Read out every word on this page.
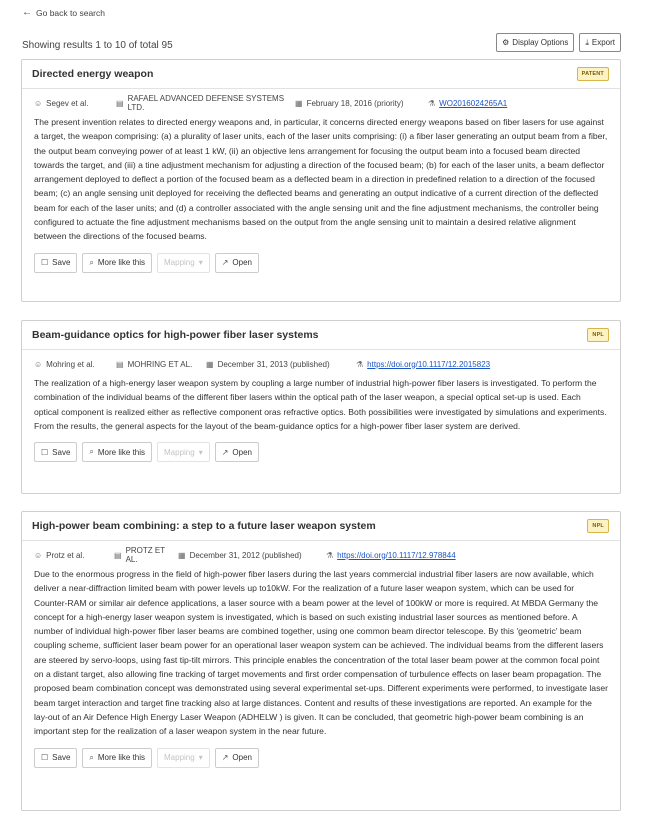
← Go back to search
Showing results 1 to 10 of total 95	⚙ Display Options ⤓ Export
Directed energy weapon	PATENT
☺ Segev et al.	▤ RAFAEL ADVANCED DEFENSE SYSTEMS LTD.	▦ February 18, 2016 (priority)	⚗ WO2016024265A1
The present invention relates to directed energy weapons and, in particular, it concerns directed energy weapons based on fiber lasers for use against a target, the weapon comprising: (a) a plurality of laser units, each of the laser units comprising: (i) a fiber laser generating an output beam from a fiber, the output beam conveying power of at least 1 kW, (ii) an objective lens arrangement for focusing the output beam into a focused beam directed towards the target, and (iii) a tine adjustment mechanism for adjusting a direction of the focused beam; (b) for each of the laser units, a beam deflector arrangement deployed to deflect a portion of the focused beam as a deflected beam in a direction in predefined relation to a direction of the focused beam; (c) an angle sensing unit deployed for receiving the deflected beams and generating an output indicative of a current direction of the deflected beam for each of the laser units; and (d) a controller associated with the angle sensing unit and the fine adjustment mechanisms, the controller being configured to actuate the fine adjustment mechanisms based on the output from the angle sensing unit to maintain a desired relative alignment between the directions of the focused beams.
☐ Save ⌕ More like this Mapping ▾ ↗ Open
Beam-guidance optics for high-power fiber laser systems	NPL
☺ Mohring et al.	▤ MOHRING ET AL. ▦ December 31, 2013 (published)	⚗ https://doi.org/10.1117/12.2015823
The realization of a high-energy laser weapon system by coupling a large number of industrial high-power fiber lasers is investigated. To perform the combination of the individual beams of the different fiber lasers within the optical path of the laser weapon, a special optical set-up is used. Each optical component is realized either as reflective component oras refractive optics. Both possibilities were investigated by simulations and experiments. From the results, the general aspects for the layout of the beam-guidance optics for a high-power fiber laser system are derived.
☐ Save ⌕ More like this Mapping ▾ ↗ Open
High-power beam combining: a step to a future laser weapon system	NPL
☺ Protz et al.	▤ PROTZ ET AL.	▦ December 31, 2012 (published)	⚗ https://doi.org/10.1117/12.978844
Due to the enormous progress in the field of high-power fiber lasers during the last years commercial industrial fiber lasers are now available, which deliver a near-diffraction limited beam with power levels up to10kW. For the realization of a future laser weapon system, which can be used for Counter-RAM or similar air defence applications, a laser source with a beam power at the level of 100kW or more is required. At MBDA Germany the concept for a high-energy laser weapon system is investigated, which is based on such existing industrial laser sources as mentioned before. A number of individual high-power fiber laser beams are combined together, using one common beam director telescope. By this 'geometric' beam coupling scheme, sufficient laser beam power for an operational laser weapon system can be achieved. The individual beams from the different lasers are steered by servo-loops, using fast tip-tilt mirrors. This principle enables the concentration of the total laser beam power at the common focal point on a distant target, also allowing fine tracking of target movements and first order compensation of turbulence effects on laser beam propagation. The proposed beam combination concept was demonstrated using several experimental set-ups. Different experiments were performed, to investigate laser beam target interaction and target fine tracking also at large distances. Content and results of these investigations are reported. An example for the lay-out of an Air Defence High Energy Laser Weapon (ADHELW ) is given. It can be concluded, that geometric high-power beam combining is an important step for the realization of a laser weapon system in the near future.
☐ Save ⌕ More like this Mapping ▾ ↗ Open
